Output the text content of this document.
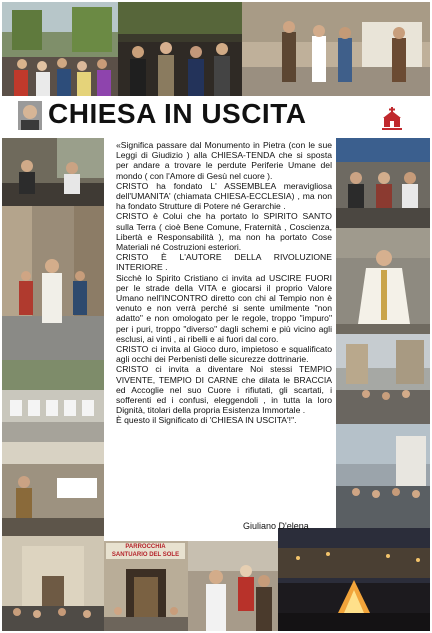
CHIESA IN USCITA
PARROCCHIA
SANTUARIO DEL SOLE

«Significa passare dal Monumento in Pietra (con le sue Leggi di Giudizio ) alla CHIESA-TENDA che si sposta per andare a trovare le perdute Periferie Umane del mondo ( con l'Amore di Gesù nel cuore ).

CRISTO ha fondato L' ASSEMBLEA meravigliosa dell'UMANITA' (chiamata CHIESA-ECCLESIA) , ma non ha fondato Strutture di Potere né Gerarchie .

CRISTO è Colui che ha portato lo SPIRITO SANTO sulla Terra ( cioè Bene Comune, Fraternità , Coscienza, Libertà e Responsabilità ), ma non ha portato Cose Materiali né Costruzioni esteriori.

CRISTO È L'AUTORE DELLA RIVOLUZIONE INTERIORE .

Sicchè lo Spirito Cristiano ci invita ad USCIRE FUORI per le strade della VITA e giocarsi il proprio Valore Umano nell'INCONTRO diretto con chi al Tempio non è venuto e non verrà perché si sente umilmente "non adatto" e non omologato per le regole, troppo "impuro" per i puri, troppo "diverso" dagli schemi e più vicino agli esclusi, ai vinti , ai ribelli e ai fuori dal coro.

CRISTO ci invita al Gioco duro, impietoso e squalificato agli occhi dei Perbenisti delle sicurezze dottrinarie.

CRISTO ci invita a diventare Noi stessi TEMPIO VIVENTE, TEMPIO DI CARNE che dilata le BRACCIA ed Accoglie nel suo Cuore i rifiutati, gli scartati, i sofferenti ed i confusi, eleggendoli , in tutta la loro Dignità, titolari della propria Esistenza Immortale .

È questo il Significato di 'CHIESA IN USCITA'!".

Giuliano D'elena
